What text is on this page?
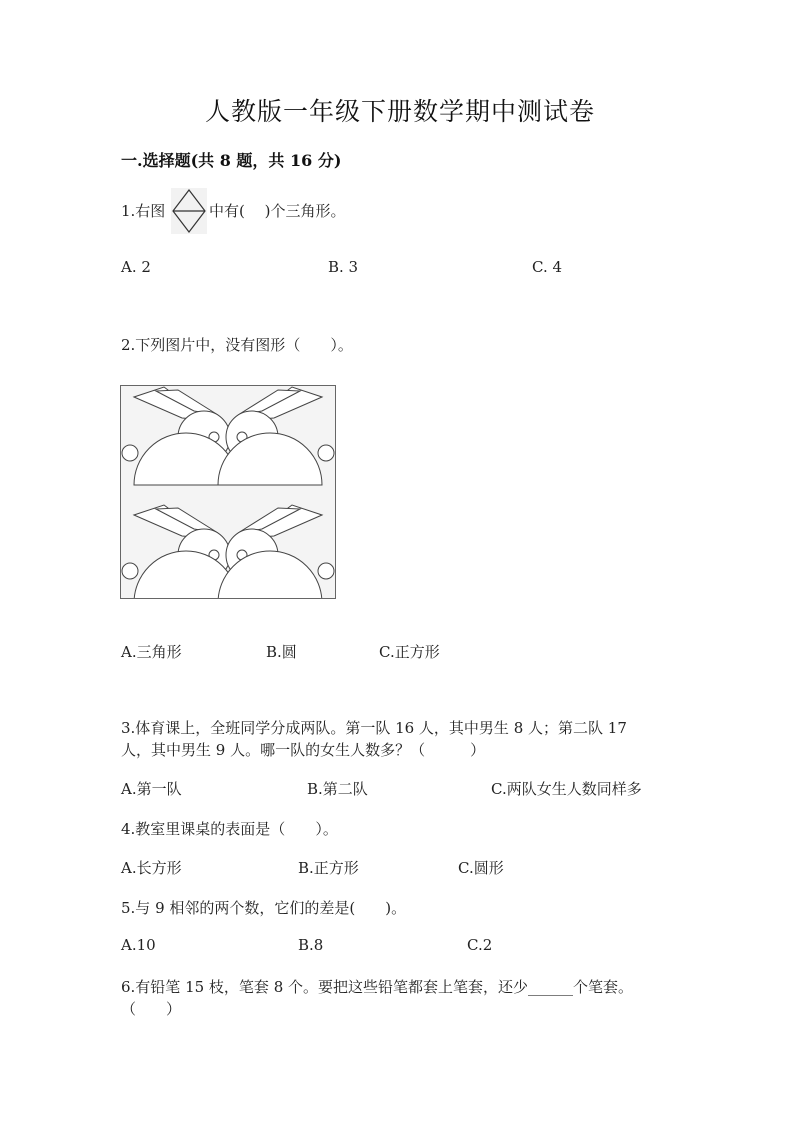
人教版一年级下册数学期中测试卷
一.选择题(共 8 题，共 16 分)
1.右图	中有(　 )个三角形。
A. 2	B. 3	C. 4
2.下列图片中，没有图形（　　）。
A.三角形	B.圆	C.正方形
3.体育课上，全班同学分成两队。第一队 16 人，其中男生 8 人；第二队 17
人，其中男生 9 人。哪一队的女生人数多？（　　　）
A.第一队	B.第二队	C.两队女生人数同样多
4.教室里课桌的表面是（　　）。
A.长方形	B.正方形	C.圆形
5.与 9 相邻的两个数，它们的差是(　　)。
A.10	B.8	C.2
6.有铅笔 15 枝，笔套 8 个。要把这些铅笔都套上笔套，还少______个笔套。
（　　）
